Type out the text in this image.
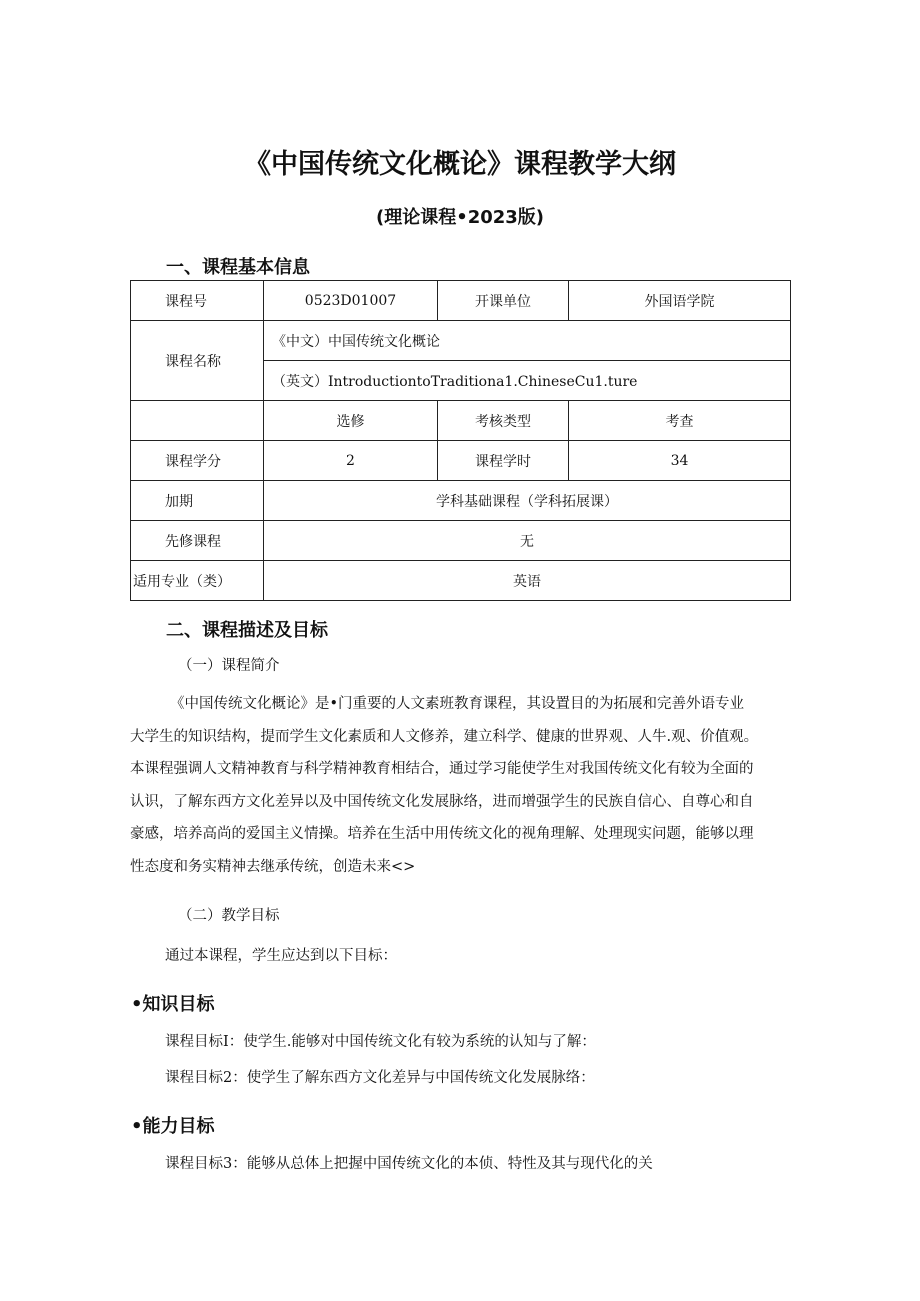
《中国传统文化概论》课程教学大纲
(理论课程•2023版)
一、课程基本信息
课程号	0523D01007	开课单位	外国语学院
课程名称	《中文）中国传统文化概论		
	（英文）IntroductiontoTraditiona1.ChineseCu1.ture		
	选修	考核类型	考查
课程学分	2	课程学时	34
加期	学科基础课程（学科拓展课）		
先修课程	无		
适用专业（类）	英语		
二、课程描述及目标
（一）课程简介
《中国传统文化概论》是•门重要的人文素班教育课程，其设置目的为拓展和完善外语专业
大学生的知识结构，提而学生文化素质和人文修养，建立科学、健康的世界观、人牛.观、价值观。
本课程强调人文精神教育与科学精神教育相结合，通过学习能使学生对我国传统文化有较为全面的
认识，了解东西方文化差异以及中国传统文化发展脉络，进而增强学生的民族自信心、自尊心和自
豪感，培养高尚的爱国主义情操。培养在生活中用传统文化的视角理解、处理现实问题，能够以理
性态度和务实精神去继承传统，创造未来<>
（二）教学目标
通过本课程，学生应达到以下目标：
•知识目标
课程目标I：使学生.能够对中国传统文化有较为系统的认知与了解：
课程目标2：使学生了解东西方文化差异与中国传统文化发展脉络：
•能力目标
课程目标3：能够从总体上把握中国传统文化的本侦、特性及其与现代化的关
